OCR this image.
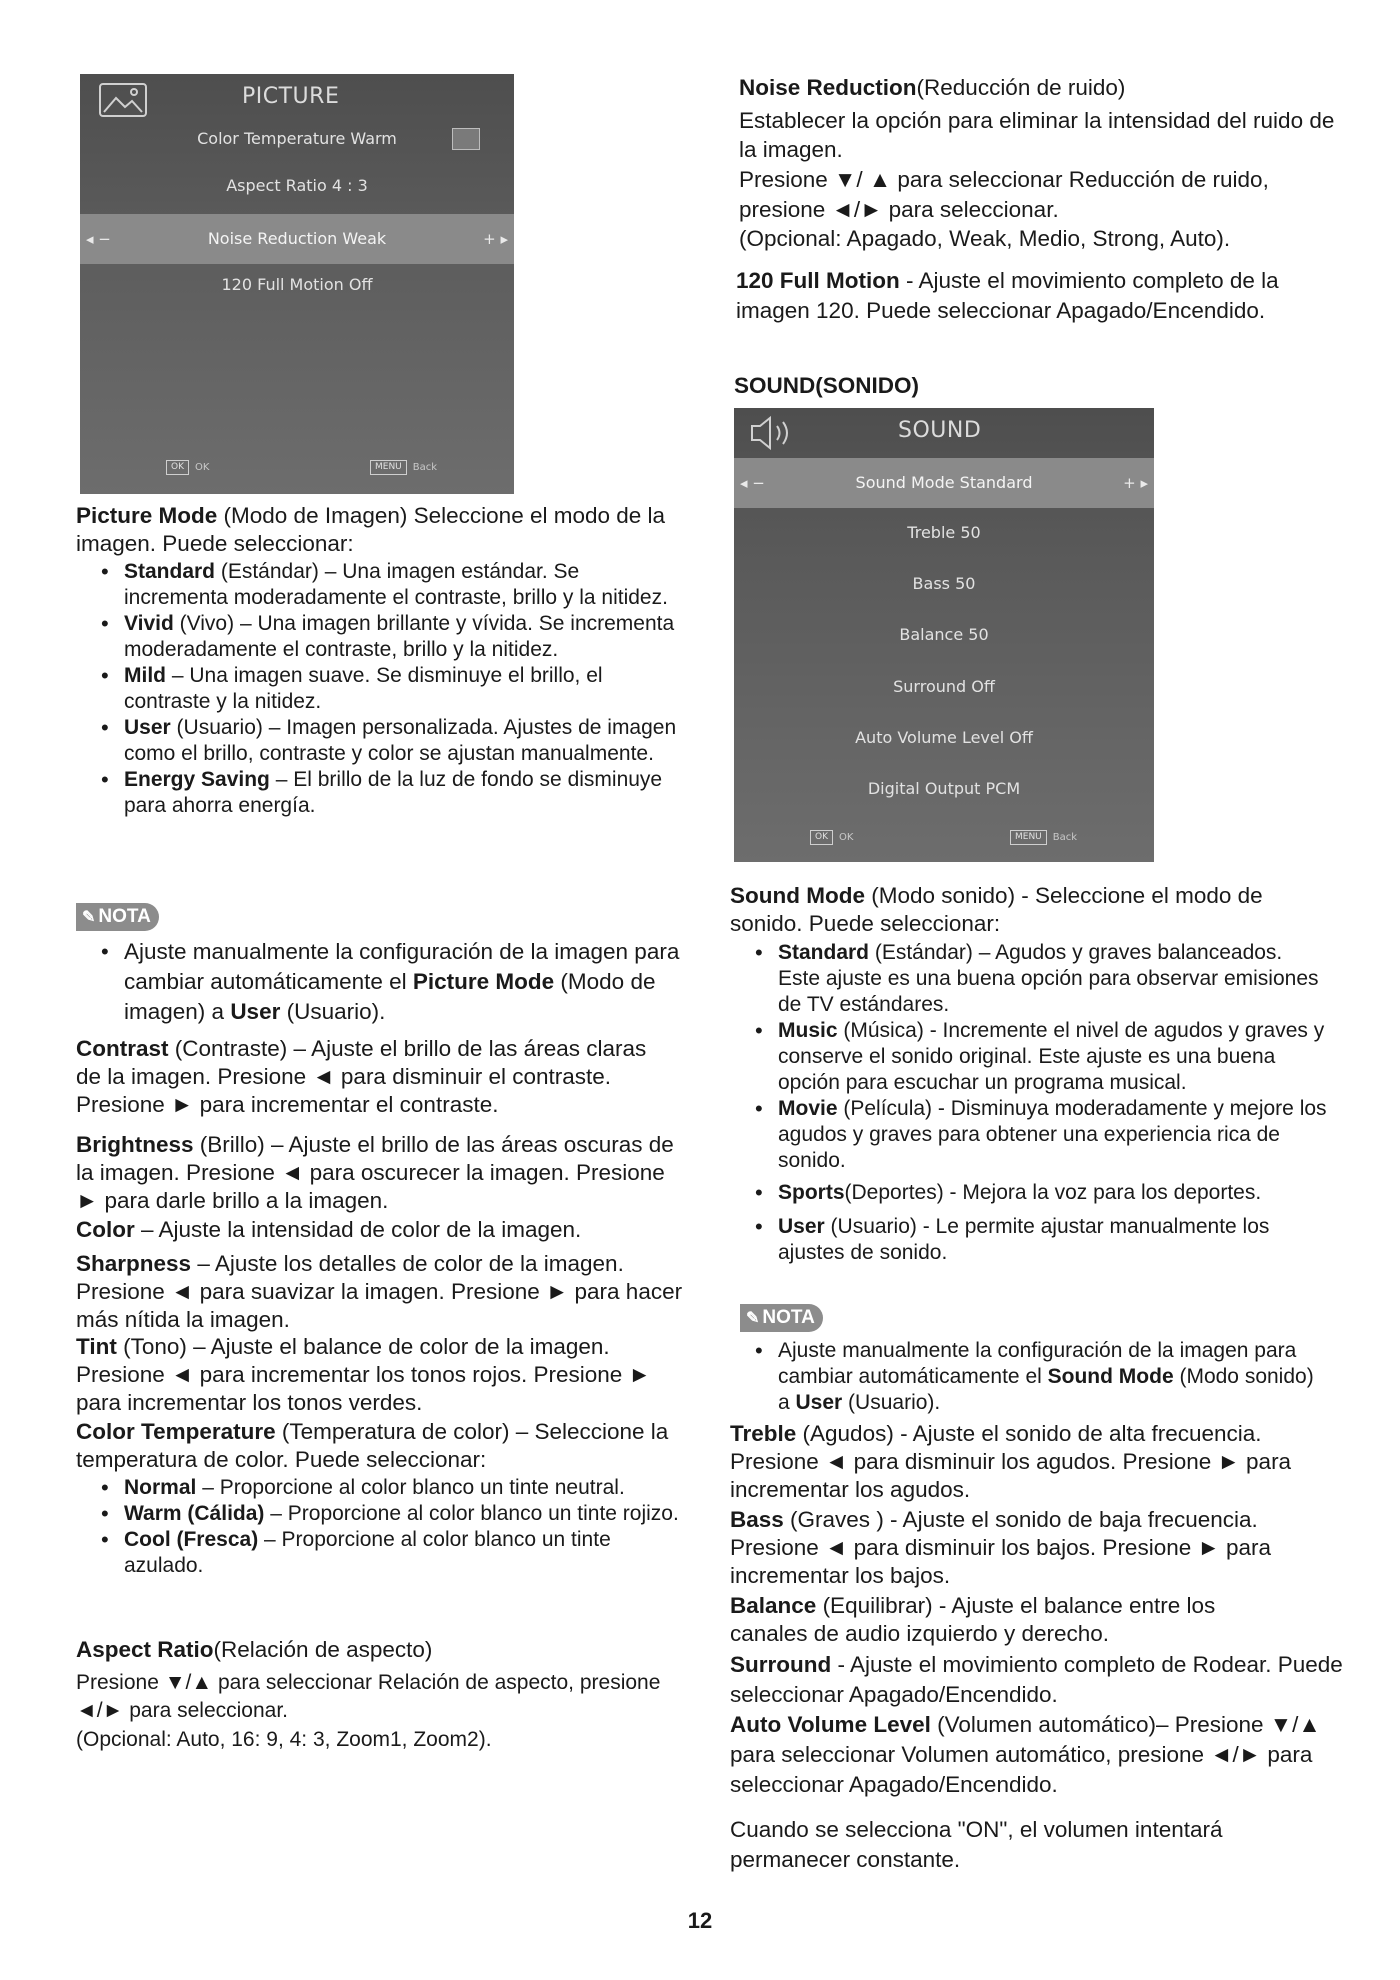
PICTURE
Color Temperature Warm
Aspect Ratio 4 : 3
◂ −	Noise Reduction Weak	+ ▸
120 Full Motion Off
OK	OK	MENU	Back

Picture Mode (Modo de Imagen) Seleccione el modo de la imagen. Puede seleccionar:

• Standard (Estándar) – Una imagen estándar. Se incrementa moderadamente el contraste, brillo y la nitidez.
• Vivid (Vivo) – Una imagen brillante y vívida. Se incrementa moderadamente el contraste, brillo y la nitidez.
• Mild – Una imagen suave. Se disminuye el brillo, el contraste y la nitidez.
• User (Usuario) – Imagen personalizada. Ajustes de imagen como el brillo, contraste y color se ajustan manualmente.
• Energy Saving – El brillo de la luz de fondo se disminuye para ahorra energía.
✎ NOTA
• Ajuste manualmente la configuración de la imagen para cambiar automáticamente el Picture Mode (Modo de imagen) a User (Usuario).

Contrast (Contraste) – Ajuste el brillo de las áreas claras de la imagen. Presione ◄ para disminuir el contraste. Presione ► para incrementar el contraste.

Brightness (Brillo) – Ajuste el brillo de las áreas oscuras de la imagen. Presione ◄ para oscurecer la imagen. Presione ► para darle brillo a la imagen.

Color – Ajuste la intensidad de color de la imagen.

Sharpness – Ajuste los detalles de color de la imagen. Presione ◄ para suavizar la imagen. Presione ► para hacer más nítida la imagen.

Tint (Tono) – Ajuste el balance de color de la imagen. Presione ◄ para incrementar los tonos rojos. Presione ► para incrementar los tonos verdes.

Color Temperature (Temperatura de color) – Seleccione la temperatura de color. Puede seleccionar:

• Normal – Proporcione al color blanco un tinte neutral.
• Warm (Cálida) – Proporcione al color blanco un tinte rojizo.
• Cool (Fresca) – Proporcione al color blanco un tinte azulado.

Aspect Ratio(Relación de aspecto)

Presione ▼/▲ para seleccionar Relación de aspecto, presione ◄/► para seleccionar.

(Opcional: Auto, 16: 9, 4: 3, Zoom1, Zoom2).

Noise Reduction(Reducción de ruido)

Establecer la opción para eliminar la intensidad del ruido de la imagen.

Presione ▼/ ▲ para seleccionar Reducción de ruido, presione ◄/► para seleccionar.

(Opcional: Apagado, Weak, Medio, Strong, Auto).

120 Full Motion - Ajuste el movimiento completo de la imagen 120. Puede seleccionar Apagado/Encendido.

SOUND(SONIDO)

SOUND
◂ −	Sound Mode Standard	+ ▸
Treble 50
Bass 50
Balance 50
Surround Off
Auto Volume Level Off
Digital Output PCM
OK	OK	MENU	Back

Sound Mode (Modo sonido) - Seleccione el modo de sonido. Puede seleccionar:

• Standard (Estándar) – Agudos y graves balanceados. Este ajuste es una buena opción para observar emisiones de TV estándares.
• Music (Música) - Incremente el nivel de agudos y graves y conserve el sonido original. Este ajuste es una buena opción para escuchar un programa musical.
• Movie (Película) - Disminuya moderadamente y mejore los agudos y graves para obtener una experiencia rica de sonido.
• Sports(Deportes) - Mejora la voz para los deportes.
• User (Usuario) - Le permite ajustar manualmente los ajustes de sonido.
✎ NOTA
• Ajuste manualmente la configuración de la imagen para cambiar automáticamente el Sound Mode (Modo sonido) a User (Usuario).

Treble (Agudos) - Ajuste el sonido de alta frecuencia. Presione ◄ para disminuir los agudos. Presione ► para incrementar los agudos.

Bass (Graves ) - Ajuste el sonido de baja frecuencia. Presione ◄ para disminuir los bajos. Presione ► para incrementar los bajos.

Balance (Equilibrar) - Ajuste el balance entre los canales de audio izquierdo y derecho.

Surround - Ajuste el movimiento completo de Rodear. Puede seleccionar Apagado/Encendido.

Auto Volume Level (Volumen automático)– Presione ▼/▲ para seleccionar Volumen automático, presione ◄/► para seleccionar Apagado/Encendido.

Cuando se selecciona "ON", el volumen intentará permanecer constante.

12
